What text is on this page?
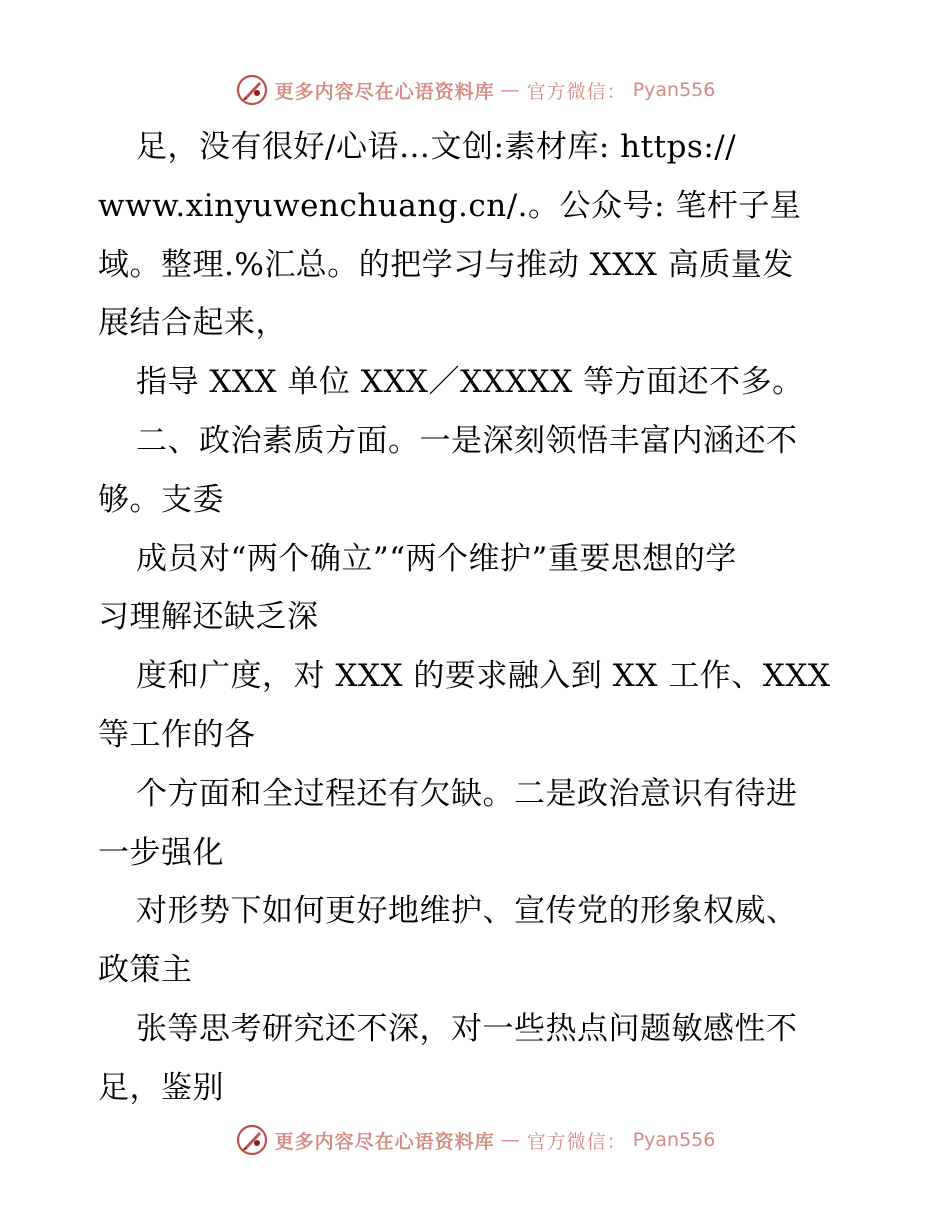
更多内容尽在心语资料库 — 官方微信： Pyan556
足，没有很好/心语…文创:素材库: https://
www.xinyuwenchuang.cn/.。公众号: 笔杆子星
域。整理.%汇总。的把学习与推动 XXX 高质量发
展结合起来，
指导 XXX 单位 XXX／XXXXX 等方面还不多。
二、政治素质方面。一是深刻领悟丰富内涵还不
够。支委
成员对“两个确立”“两个维护”重要思想的学
习理解还缺乏深
度和广度，对 XXX 的要求融入到 XX 工作、XXX
等工作的各
个方面和全过程还有欠缺。二是政治意识有待进
一步强化
对形势下如何更好地维护、宣传党的形象权威、
政策主
张等思考研究还不深，对一些热点问题敏感性不
足，鉴别
更多内容尽在心语资料库 — 官方微信： Pyan556
